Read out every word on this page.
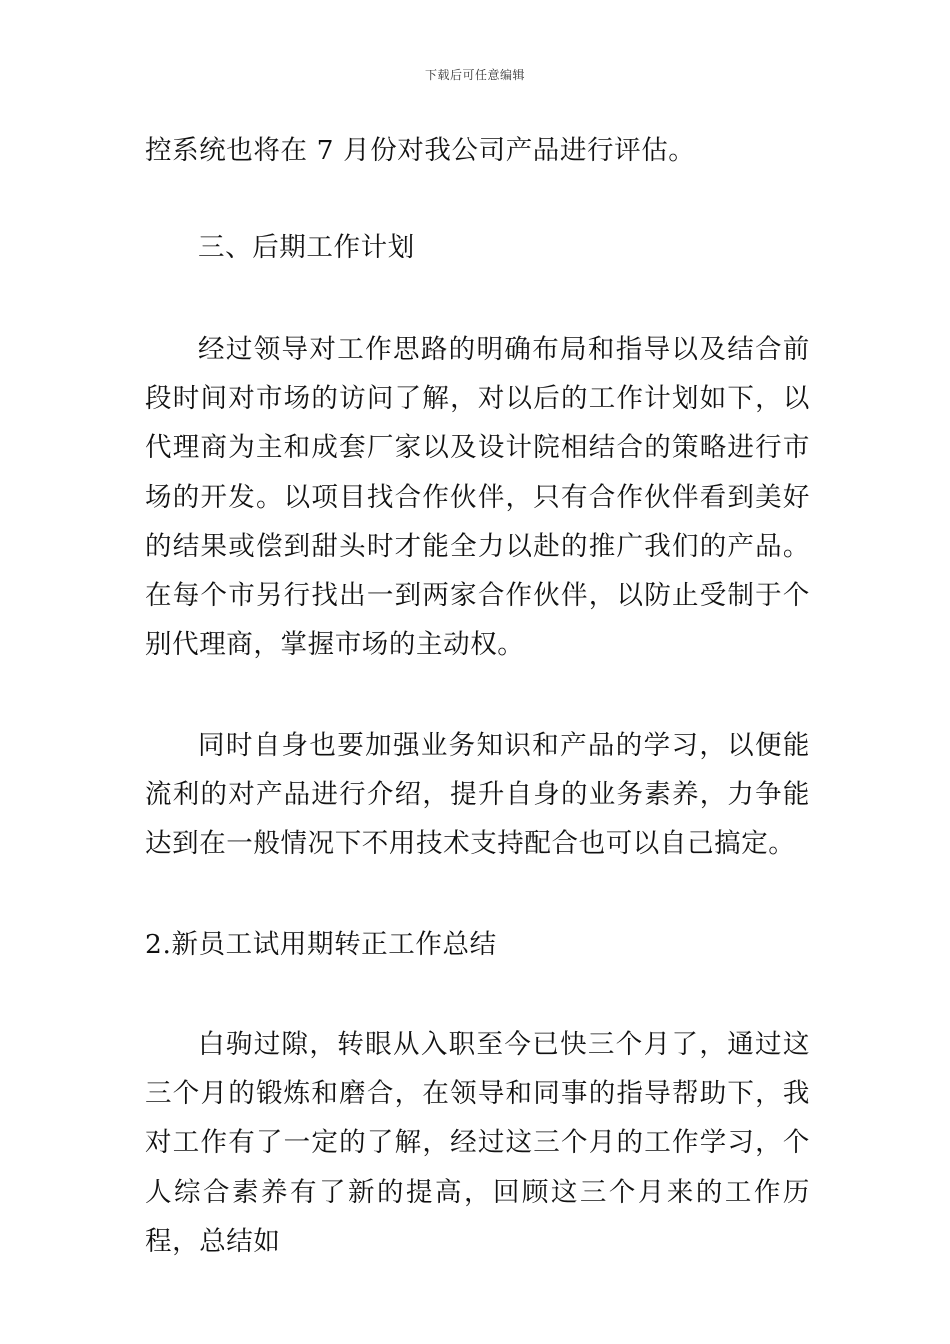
下载后可任意编辑

控系统也将在 7 月份对我公司产品进行评估。

三、后期工作计划

经过领导对工作思路的明确布局和指导以及结合前段时间对市场的访问了解，对以后的工作计划如下，以代理商为主和成套厂家以及设计院相结合的策略进行市场的开发。以项目找合作伙伴，只有合作伙伴看到美好的结果或偿到甜头时才能全力以赴的推广我们的产品。在每个市另行找出一到两家合作伙伴，以防止受制于个别代理商，掌握市场的主动权。

同时自身也要加强业务知识和产品的学习，以便能流利的对产品进行介绍，提升自身的业务素养，力争能达到在一般情况下不用技术支持配合也可以自己搞定。

2.新员工试用期转正工作总结

白驹过隙，转眼从入职至今已快三个月了，通过这三个月的锻炼和磨合，在领导和同事的指导帮助下，我对工作有了一定的了解，经过这三个月的工作学习，个人综合素养有了新的提高，回顾这三个月来的工作历程，总结如
